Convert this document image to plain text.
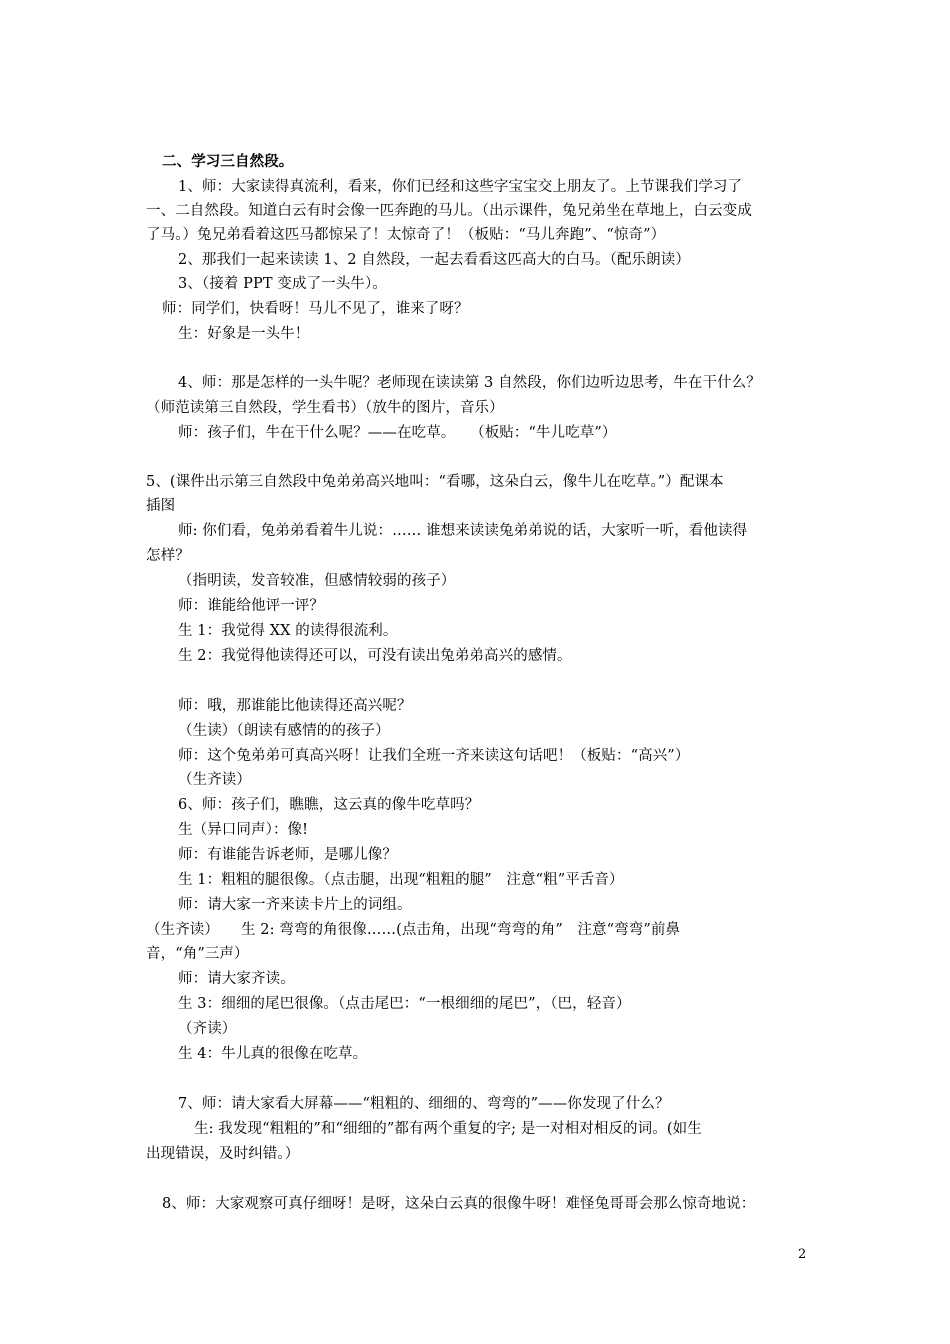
二、学习三自然段。
1、师：大家读得真流利，看来，你们已经和这些字宝宝交上朋友了。上节课我们学习了
一、二自然段。知道白云有时会像一匹奔跑的马儿。（出示课件，兔兄弟坐在草地上，白云变成
了马。）兔兄弟看着这匹马都惊呆了！太惊奇了！（板贴：“马儿奔跑”、“惊奇”）
2、那我们一起来读读 1、2 自然段，一起去看看这匹高大的白马。（配乐朗读）
3、（接着 PPT 变成了一头牛）。
师：同学们，快看呀！马儿不见了，谁来了呀？
生：好象是一头牛！
4、师：那是怎样的一头牛呢？老师现在读读第 3 自然段，你们边听边思考，牛在干什么？
（师范读第三自然段，学生看书）（放牛的图片，音乐）
师：孩子们，牛在干什么呢？——在吃草。　　（板贴：“牛儿吃草”）
5、(课件出示第三自然段中兔弟弟高兴地叫：“看哪，这朵白云，像牛儿在吃草。”）配课本
插图
师: 你们看，兔弟弟看着牛儿说：…… 谁想来读读兔弟弟说的话，大家听一听，看他读得
怎样？
（指明读，发音较准，但感情较弱的孩子）
师：谁能给他评一评？
生 1：我觉得 XX 的读得很流利。
生 2：我觉得他读得还可以，可没有读出兔弟弟高兴的感情。
师：哦，那谁能比他读得还高兴呢？
（生读）（朗读有感情的的孩子）
师：这个兔弟弟可真高兴呀！让我们全班一齐来读这句话吧！（板贴：“高兴”）
（生齐读）
6、师：孩子们，瞧瞧，这云真的像牛吃草吗？
生（异口同声）：像!
师：有谁能告诉老师，是哪儿像？
生 1：粗粗的腿很像。（点击腿，出现“粗粗的腿”　注意“粗”平舌音）
师：请大家一齐来读卡片上的词组。
（生齐读）　　生 2: 弯弯的角很像……(点击角，出现“弯弯的角”　注意“弯弯”前鼻
音，“角”三声）
师：请大家齐读。
生 3：细细的尾巴很像。（点击尾巴：“一根细细的尾巴”，（巴，轻音）
（齐读）
生 4：牛儿真的很像在吃草。
7、师：请大家看大屏幕——“粗粗的、细细的、弯弯的”——你发现了什么？
生: 我发现“粗粗的”和“细细的”都有两个重复的字; 是一对相对相反的词。(如生
出现错误，及时纠错。）
8、师：大家观察可真仔细呀！是呀，这朵白云真的很像牛呀！难怪兔哥哥会那么惊奇地说：
2
